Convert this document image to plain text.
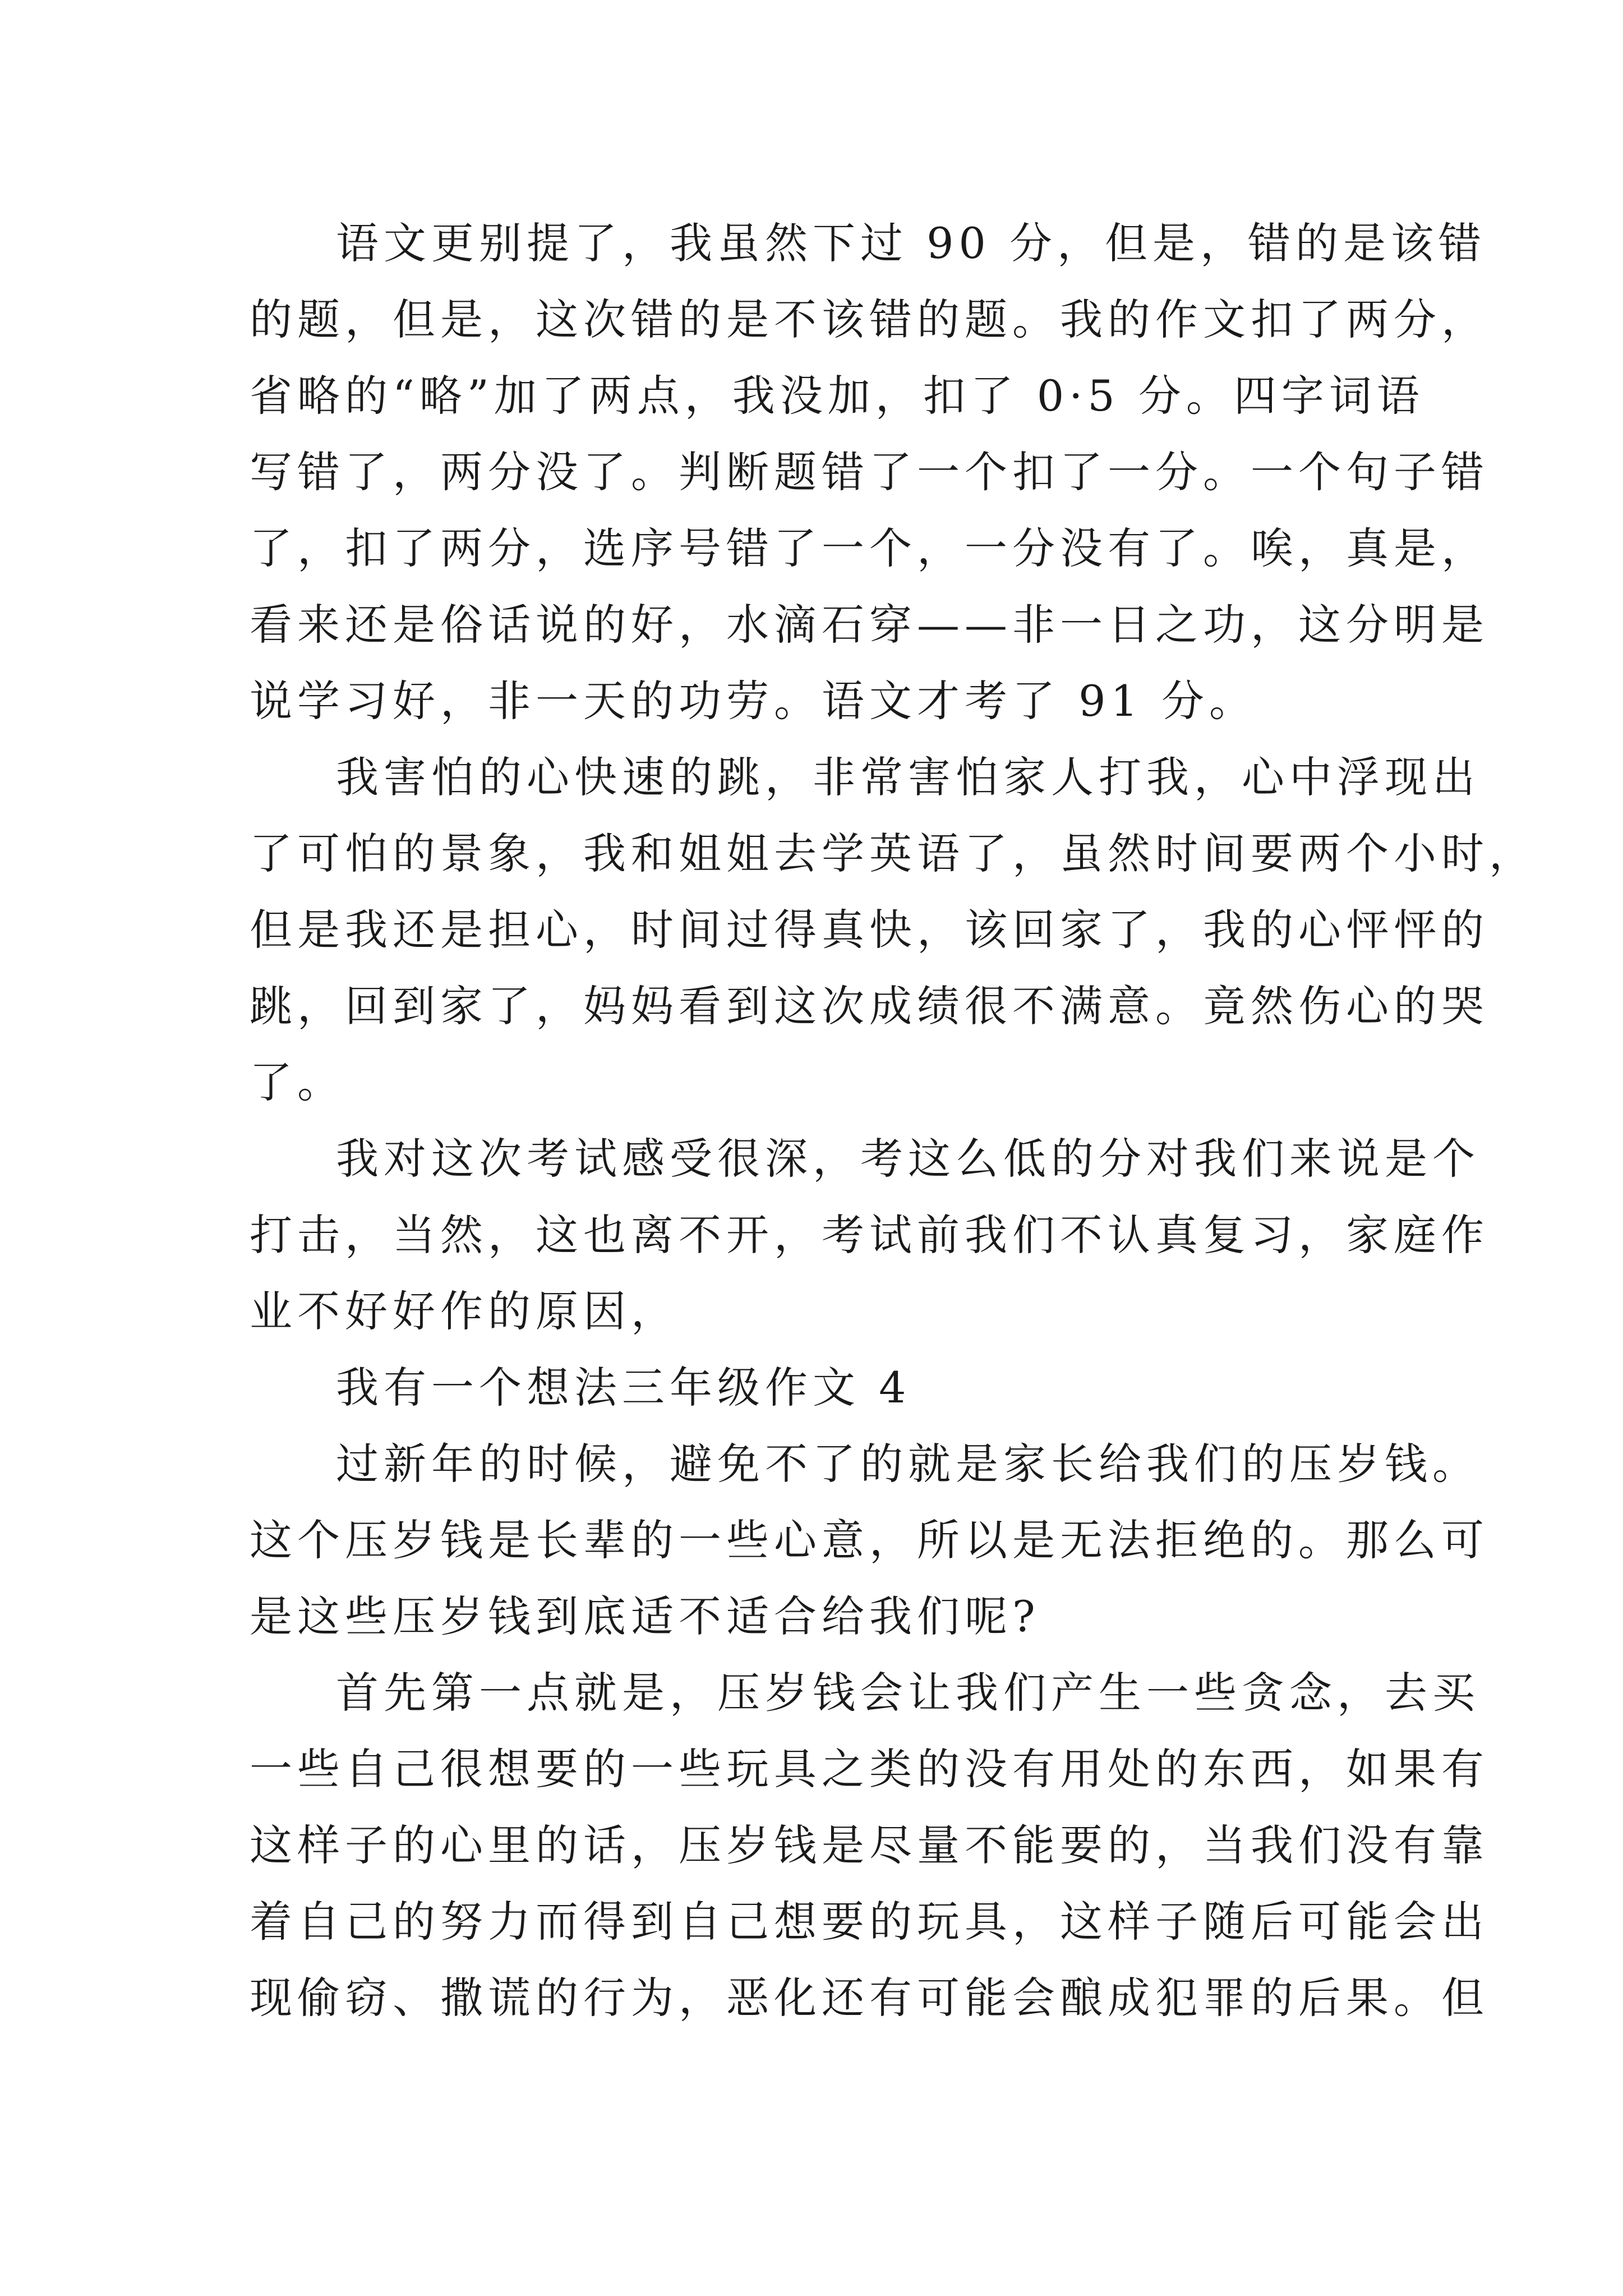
语文更别提了，我虽然下过 90 分，但是，错的是该错
的题，但是，这次错的是不该错的题。我的作文扣了两分，
省略的“略”加了两点，我没加，扣了 0·5 分。四字词语
写错了，两分没了。判断题错了一个扣了一分。一个句子错
了，扣了两分，选序号错了一个，一分没有了。唉，真是，
看来还是俗话说的好，水滴石穿——非一日之功，这分明是
说学习好，非一天的功劳。语文才考了 91 分。
我害怕的心快速的跳，非常害怕家人打我，心中浮现出
了可怕的景象，我和姐姐去学英语了，虽然时间要两个小时，
但是我还是担心，时间过得真快，该回家了，我的心怦怦的
跳，回到家了，妈妈看到这次成绩很不满意。竟然伤心的哭
了。
我对这次考试感受很深，考这么低的分对我们来说是个
打击，当然，这也离不开，考试前我们不认真复习，家庭作
业不好好作的原因，
我有一个想法三年级作文 4
过新年的时候，避免不了的就是家长给我们的压岁钱。
这个压岁钱是长辈的一些心意，所以是无法拒绝的。那么可
是这些压岁钱到底适不适合给我们呢?
首先第一点就是，压岁钱会让我们产生一些贪念，去买
一些自己很想要的一些玩具之类的没有用处的东西，如果有
这样子的心里的话，压岁钱是尽量不能要的，当我们没有靠
着自己的努力而得到自己想要的玩具，这样子随后可能会出
现偷窃、撒谎的行为，恶化还有可能会酿成犯罪的后果。但
